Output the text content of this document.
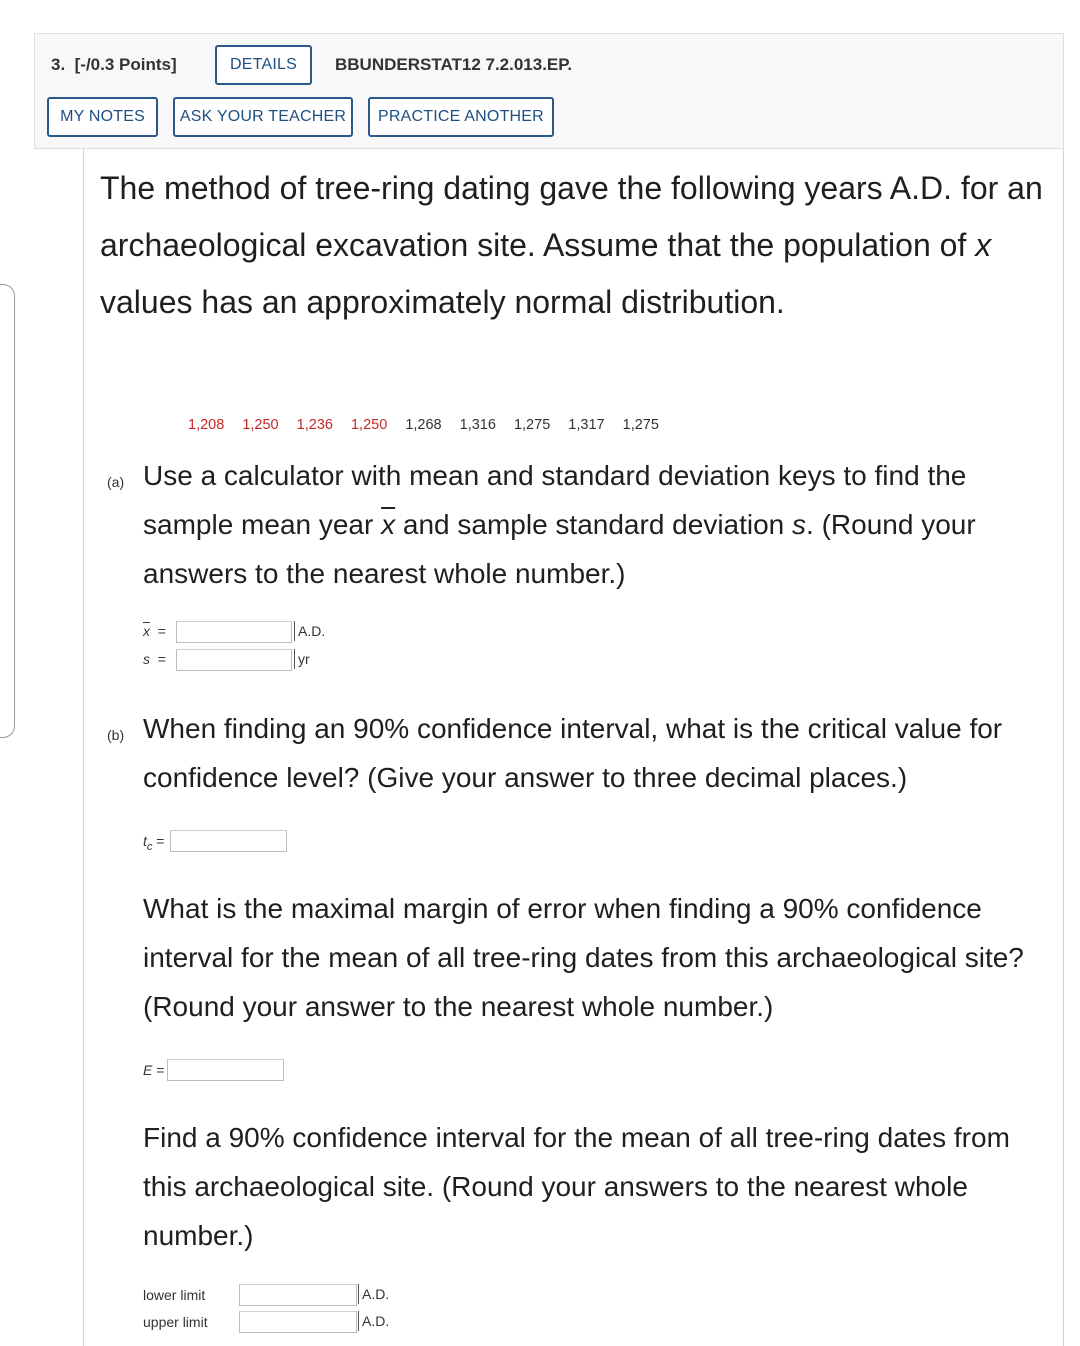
3. [-/0.3 Points]	DETAILS	BBUNDERSTAT12 7.2.013.EP.
MY NOTES	ASK YOUR TEACHER	PRACTICE ANOTHER

The method of tree-ring dating gave the following years A.D. for an archaeological excavation site. Assume that the population of x values has an approximately normal distribution.

1,208 1,250 1,236 1,250 1,268 1,316 1,275 1,317 1,275
(a) Use a calculator with mean and standard deviation keys to find the sample mean year $\overline{x}$ and sample standard deviation s. (Round your answers to the nearest whole number.)

$\overline{x}$ =	A.D.
s =	yr
(b) When finding an 90% confidence interval, what is the critical value for confidence level? (Give your answer to three decimal places.)

$t_c$ =

What is the maximal margin of error when finding a 90% confidence interval for the mean of all tree-ring dates from this archaeological site? (Round your answer to the nearest whole number.)

E =

Find a 90% confidence interval for the mean of all tree-ring dates from this archaeological site. (Round your answers to the nearest whole number.)

lower limit	A.D.
upper limit	A.D.
